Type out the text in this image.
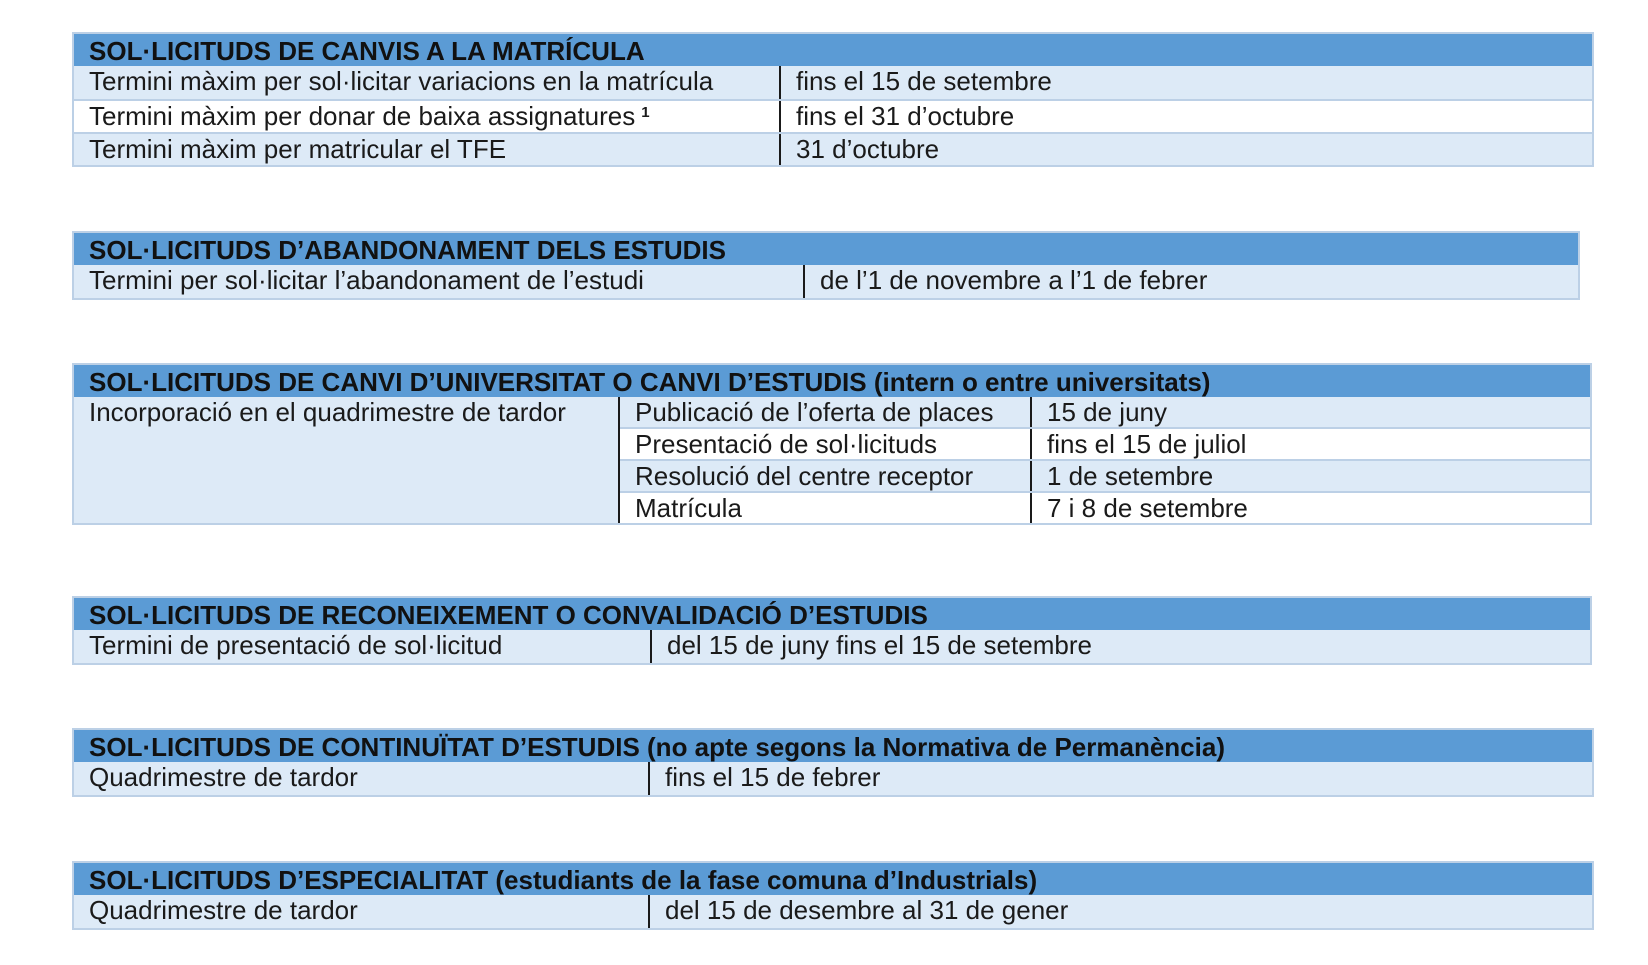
SOL·LICITUDS DE CANVIS A LA MATRÍCULA
Termini màxim per sol·licitar variacions en la matrícula	fins el 15 de setembre
Termini màxim per donar de baixa assignatures $^1$	fins el 31 d’octubre
Termini màxim per matricular el TFE	31 d’octubre
SOL·LICITUDS D’ABANDONAMENT DELS ESTUDIS
Termini per sol·licitar l’abandonament de l’estudi	de l’1 de novembre a l’1 de febrer
SOL·LICITUDS DE CANVI D’UNIVERSITAT O CANVI D’ESTUDIS (intern o entre universitats)
Incorporació en el quadrimestre de tardor	Publicació de l’oferta de places	15 de juny
Presentació de sol·licituds	fins el 15 de juliol
Resolució del centre receptor	1 de setembre
Matrícula	7 i 8 de setembre
SOL·LICITUDS DE RECONEIXEMENT O CONVALIDACIÓ D’ESTUDIS
Termini de presentació de sol·licitud	del 15 de juny fins el 15 de setembre
SOL·LICITUDS DE CONTINUÏTAT D’ESTUDIS (no apte segons la Normativa de Permanència)
Quadrimestre de tardor	fins el 15 de febrer
SOL·LICITUDS D’ESPECIALITAT (estudiants de la fase comuna d’Industrials)
Quadrimestre de tardor	del 15 de desembre al 31 de gener
